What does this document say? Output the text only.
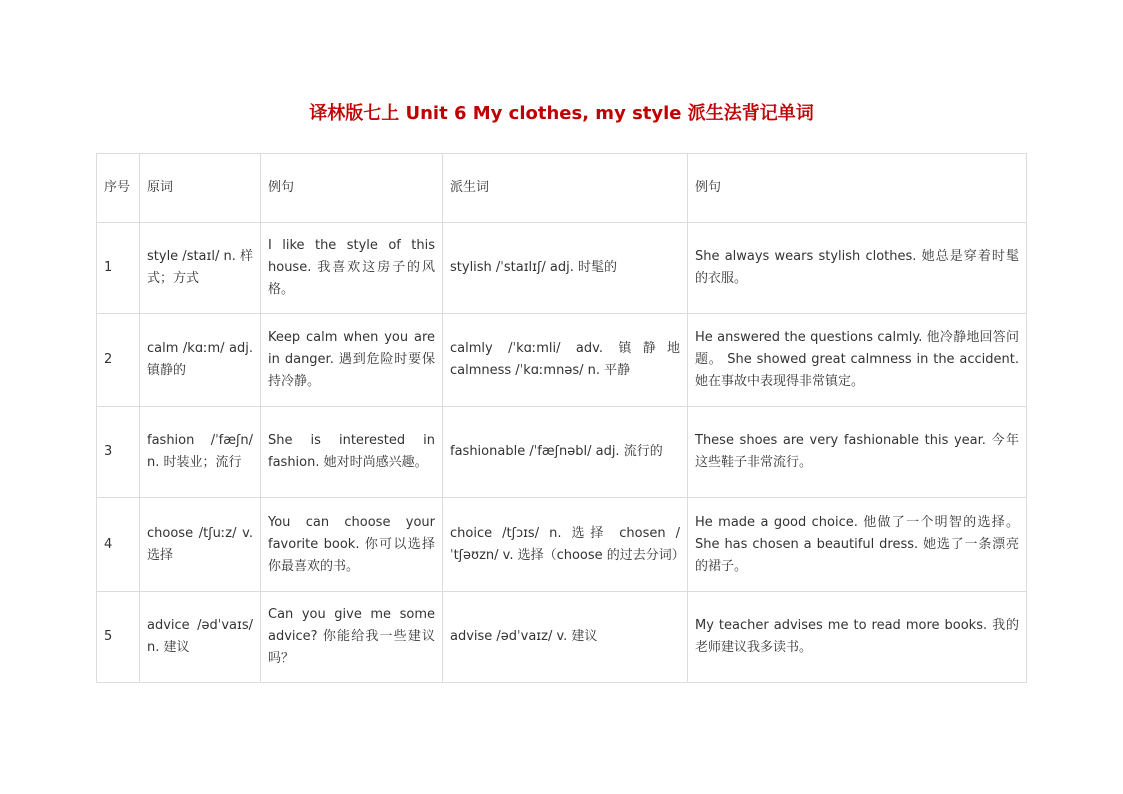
译林版七上 Unit 6 My clothes, my style 派生法背记单词
序号	原词	例句	派生词	例句
1	style /staɪl/ n. 样式；方式	I like the style of this house. 我喜欢这房子的风格。	stylish /ˈstaɪlɪʃ/ adj. 时髦的	She always wears stylish clothes. 她总是穿着时髦的衣服。
2	calm /kɑːm/ adj. 镇静的	Keep calm when you are in danger. 遇到危险时要保持冷静。	calmly /ˈkɑːmli/ adv. 镇静地 calmness /ˈkɑːmnəs/ n. 平静	He answered the questions calmly. 他冷静地回答问题。 She showed great calmness in the accident. 她在事故中表现得非常镇定。
3	fashion /ˈfæʃn/ n. 时装业；流行	She is interested in fashion. 她对时尚感兴趣。	fashionable /ˈfæʃnəbl/ adj. 流行的	These shoes are very fashionable this year. 今年这些鞋子非常流行。
4	choose /tʃuːz/ v. 选择	You can choose your favorite book. 你可以选择你最喜欢的书。	choice /tʃɔɪs/ n. 选择 chosen /ˈtʃəʊzn/ v. 选择（choose 的过去分词）	He made a good choice. 他做了一个明智的选择。 She has chosen a beautiful dress. 她选了一条漂亮的裙子。
5	advice /ədˈvaɪs/ n. 建议	Can you give me some advice? 你能给我一些建议吗？	advise /ədˈvaɪz/ v. 建议	My teacher advises me to read more books. 我的老师建议我多读书。
